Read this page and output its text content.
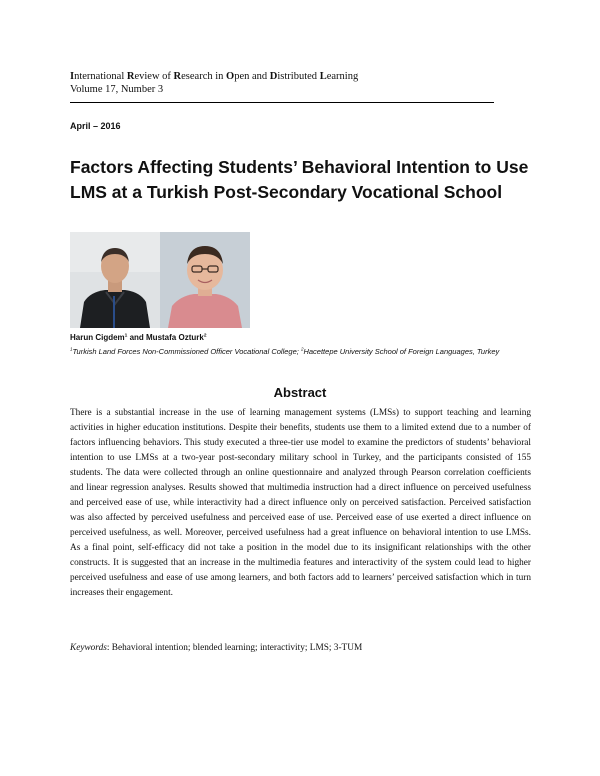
International Review of Research in Open and Distributed Learning
Volume 17, Number 3
April – 2016
Factors Affecting Students’ Behavioral Intention to Use LMS at a Turkish Post-Secondary Vocational School
Harun Cigdem$^1$ and Mustafa Ozturk$^2$
$^1$Turkish Land Forces Non-Commissioned Officer Vocational College; $^2$Hacettepe University School of Foreign Languages, Turkey
Abstract
There is a substantial increase in the use of learning management systems (LMSs) to support teaching and learning activities in higher education institutions. Despite their benefits, students use them to a limited extend due to a number of factors influencing behaviors. This study executed a three-tier use model to examine the predictors of students’ behavioral intention to use LMSs at a two-year post-secondary military school in Turkey, and the participants consisted of 155 students. The data were collected through an online questionnaire and analyzed through Pearson correlation coefficients and linear regression analyses. Results showed that multimedia instruction had a direct influence on perceived usefulness and perceived ease of use, while interactivity had a direct influence only on perceived satisfaction. Perceived satisfaction was also affected by perceived usefulness and perceived ease of use. Perceived ease of use exerted a direct influence on perceived usefulness, as well. Moreover, perceived usefulness had a great influence on behavioral intention to use LMSs. As a final point, self-efficacy did not take a position in the model due to its insignificant relationships with the other constructs. It is suggested that an increase in the multimedia features and interactivity of the system could lead to higher perceived usefulness and ease of use among learners, and both factors add to learners’ perceived satisfaction which in turn increases their engagement.
Keywords: Behavioral intention; blended learning; interactivity; LMS; 3-TUM
